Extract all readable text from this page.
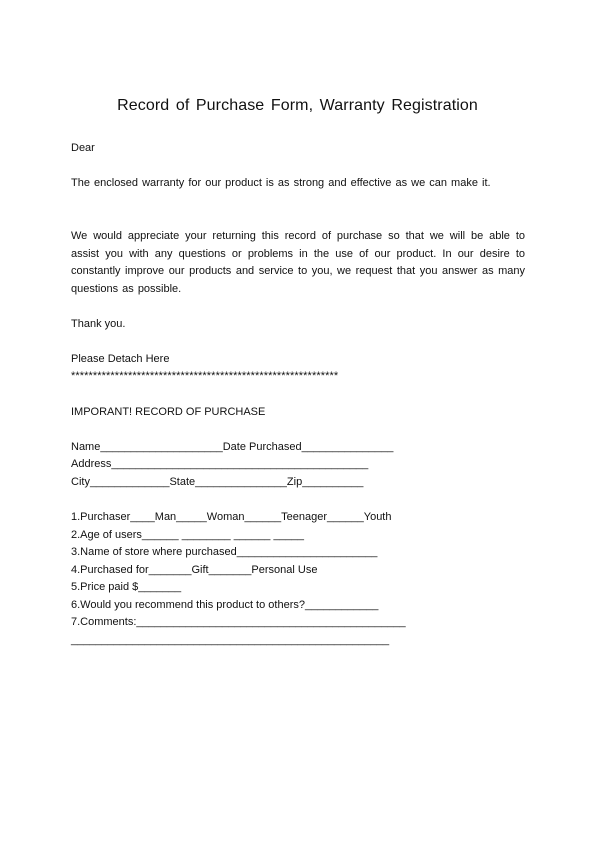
Record of Purchase Form, Warranty Registration
Dear
The enclosed warranty for our product is as strong and effective as we can make it.
We would appreciate your returning this record of purchase so that we will be able to assist you with any questions or problems in the use of our product. In our desire to constantly improve our products and service to you, we request that you answer as many questions as possible.
Thank you.
Please Detach Here
*************************************************************
IMPORANT! RECORD OF PURCHASE
Name____________________Date Purchased_______________
Address__________________________________________
City_____________State_______________Zip__________
1.Purchaser____Man_____Woman______Teenager______Youth
2.Age of users______ ________ ______ _____
3.Name of store where purchased_______________________
4.Purchased for_______Gift_______Personal Use
5.Price paid $_______
6.Would you recommend this product to others?____________
7.Comments:____________________________________________
____________________________________________________
